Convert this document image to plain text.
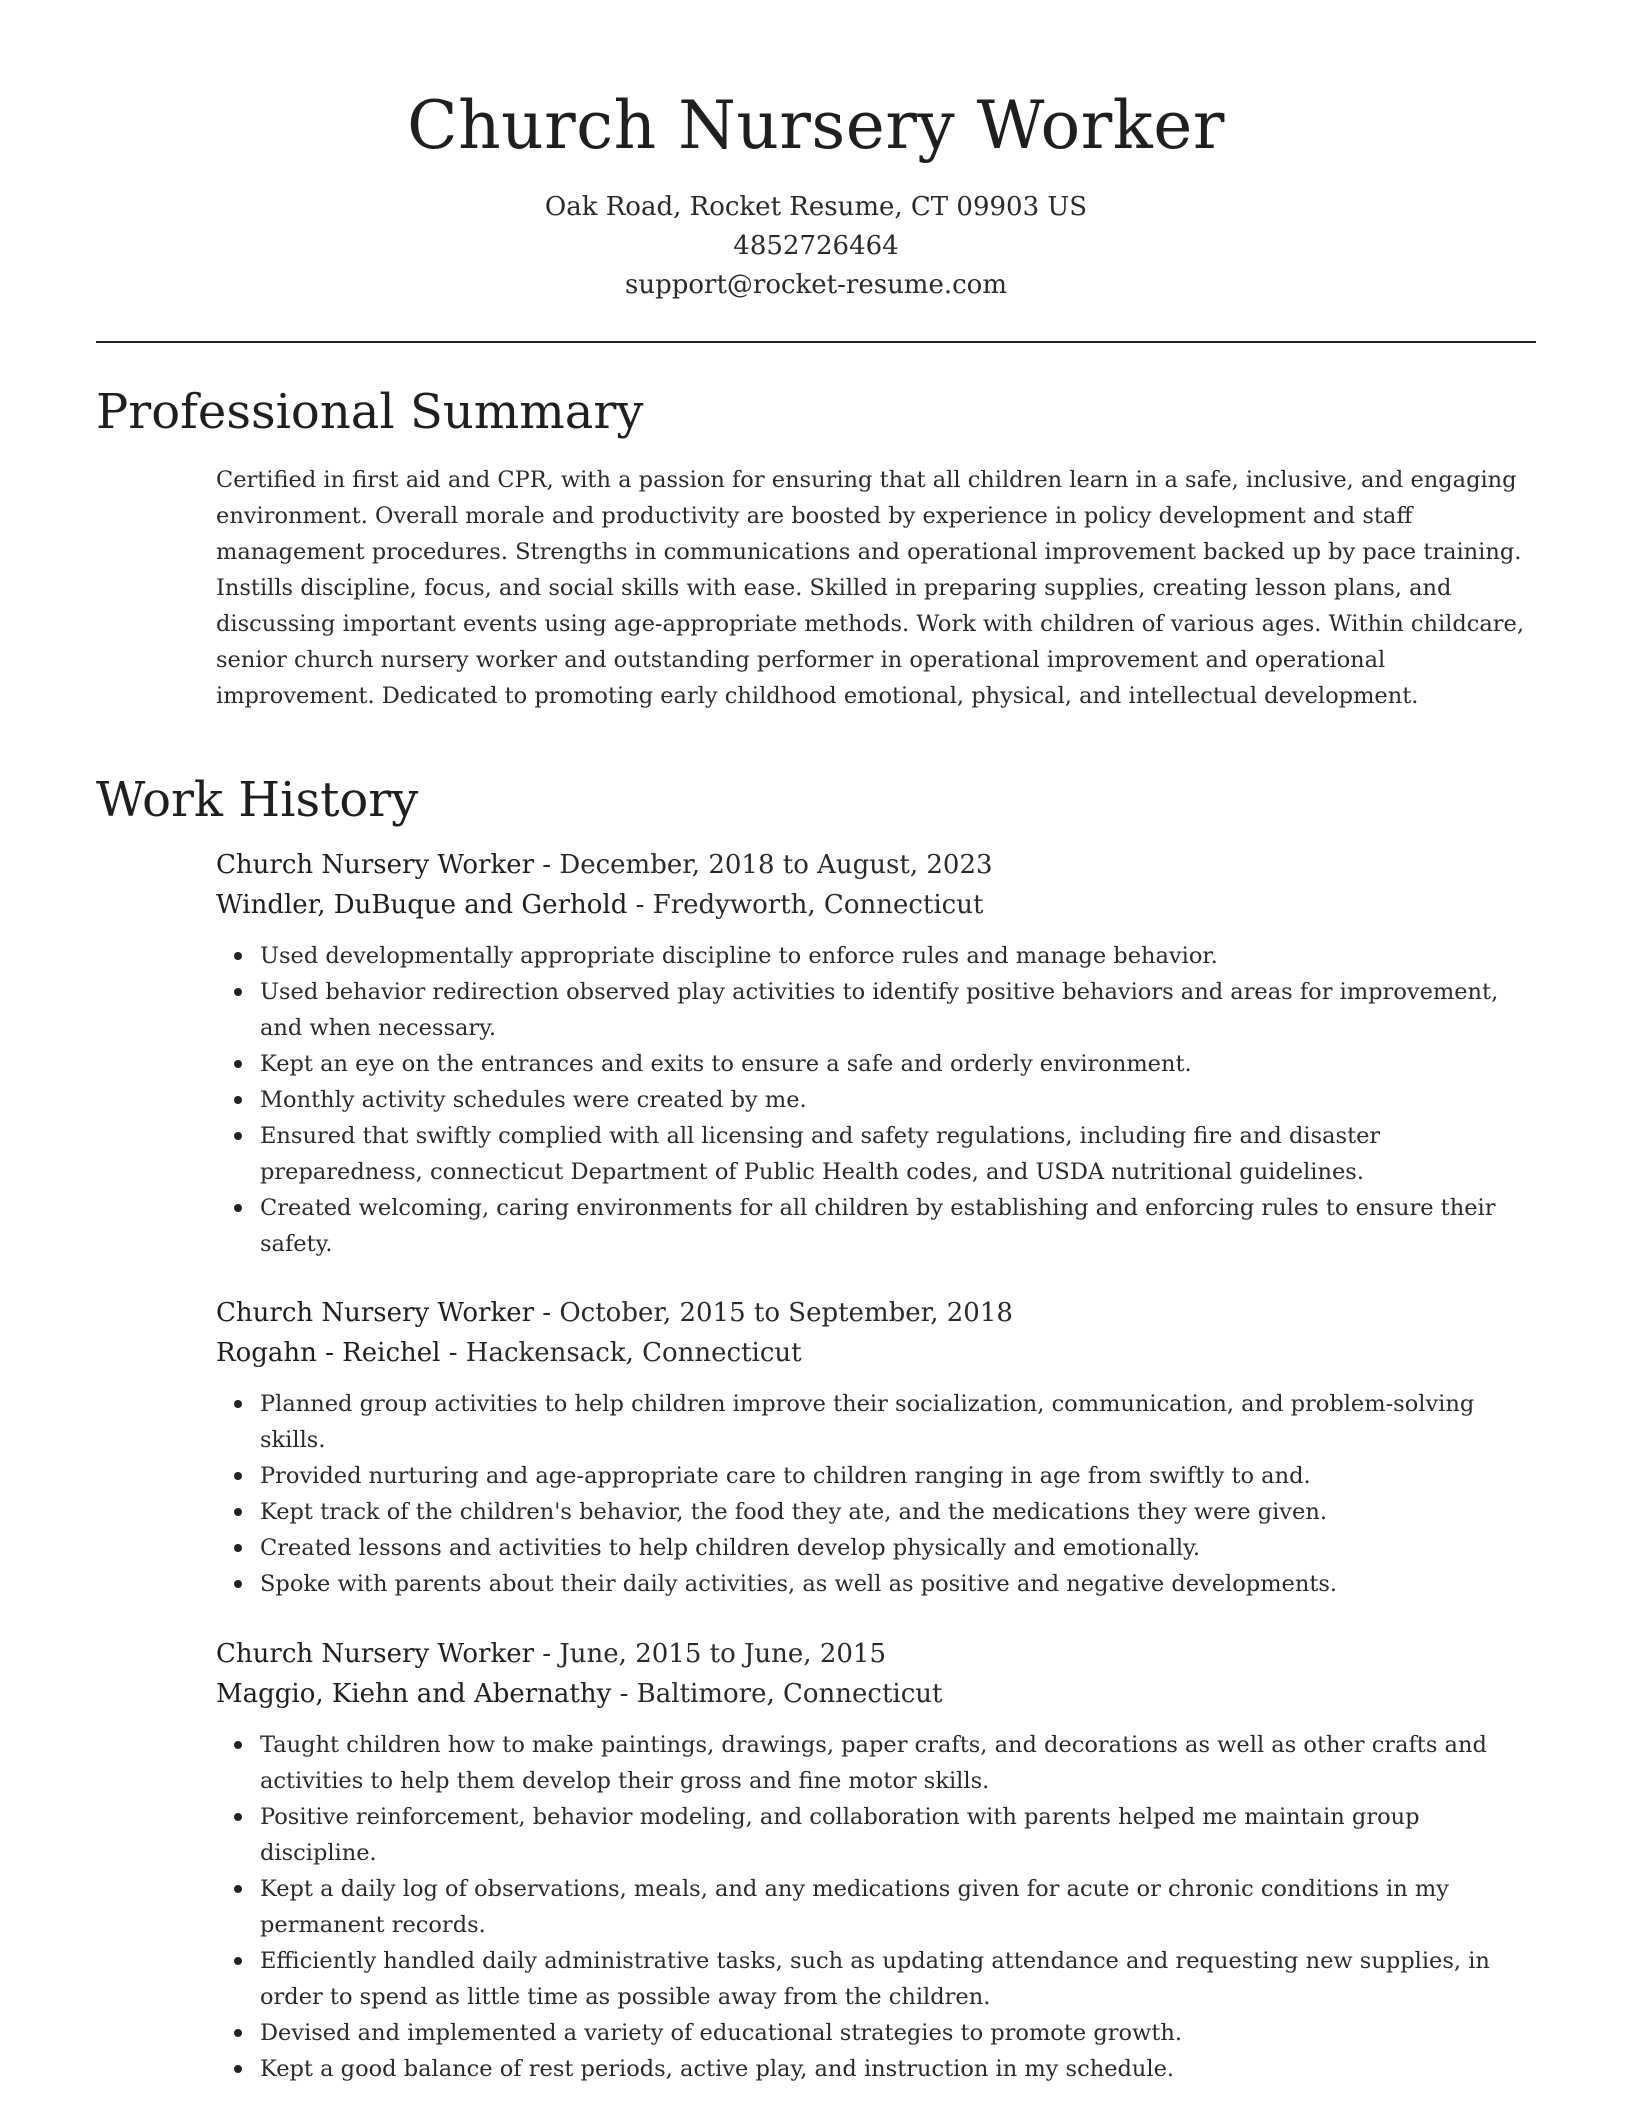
Church Nursery Worker
Oak Road, Rocket Resume, CT 09903 US
4852726464
support@rocket-resume.com
Professional Summary

Certified in first aid and CPR, with a passion for ensuring that all children learn in a safe, inclusive, and engaging environment. Overall morale and productivity are boosted by experience in policy development and staff management procedures. Strengths in communications and operational improvement backed up by pace training. Instills discipline, focus, and social skills with ease. Skilled in preparing supplies, creating lesson plans, and discussing important events using age-appropriate methods. Work with children of various ages. Within childcare, senior church nursery worker and outstanding performer in operational improvement and operational improvement. Dedicated to promoting early childhood emotional, physical, and intellectual development.

Work History
Church Nursery Worker - December, 2018 to August, 2023
Windler, DuBuque and Gerhold - Fredyworth, Connecticut
Used developmentally appropriate discipline to enforce rules and manage behavior.
Used behavior redirection observed play activities to identify positive behaviors and areas for improvement, and when necessary.
Kept an eye on the entrances and exits to ensure a safe and orderly environment.
Monthly activity schedules were created by me.
Ensured that swiftly complied with all licensing and safety regulations, including fire and disaster preparedness, connecticut Department of Public Health codes, and USDA nutritional guidelines.
Created welcoming, caring environments for all children by establishing and enforcing rules to ensure their safety.
Church Nursery Worker - October, 2015 to September, 2018
Rogahn - Reichel - Hackensack, Connecticut
Planned group activities to help children improve their socialization, communication, and problem-solving skills.
Provided nurturing and age-appropriate care to children ranging in age from swiftly to and.
Kept track of the children's behavior, the food they ate, and the medications they were given.
Created lessons and activities to help children develop physically and emotionally.
Spoke with parents about their daily activities, as well as positive and negative developments.
Church Nursery Worker - June, 2015 to June, 2015
Maggio, Kiehn and Abernathy - Baltimore, Connecticut
Taught children how to make paintings, drawings, paper crafts, and decorations as well as other crafts and activities to help them develop their gross and fine motor skills.
Positive reinforcement, behavior modeling, and collaboration with parents helped me maintain group discipline.
Kept a daily log of observations, meals, and any medications given for acute or chronic conditions in my permanent records.
Efficiently handled daily administrative tasks, such as updating attendance and requesting new supplies, in order to spend as little time as possible away from the children.
Devised and implemented a variety of educational strategies to promote growth.
Kept a good balance of rest periods, active play, and instruction in my schedule.
